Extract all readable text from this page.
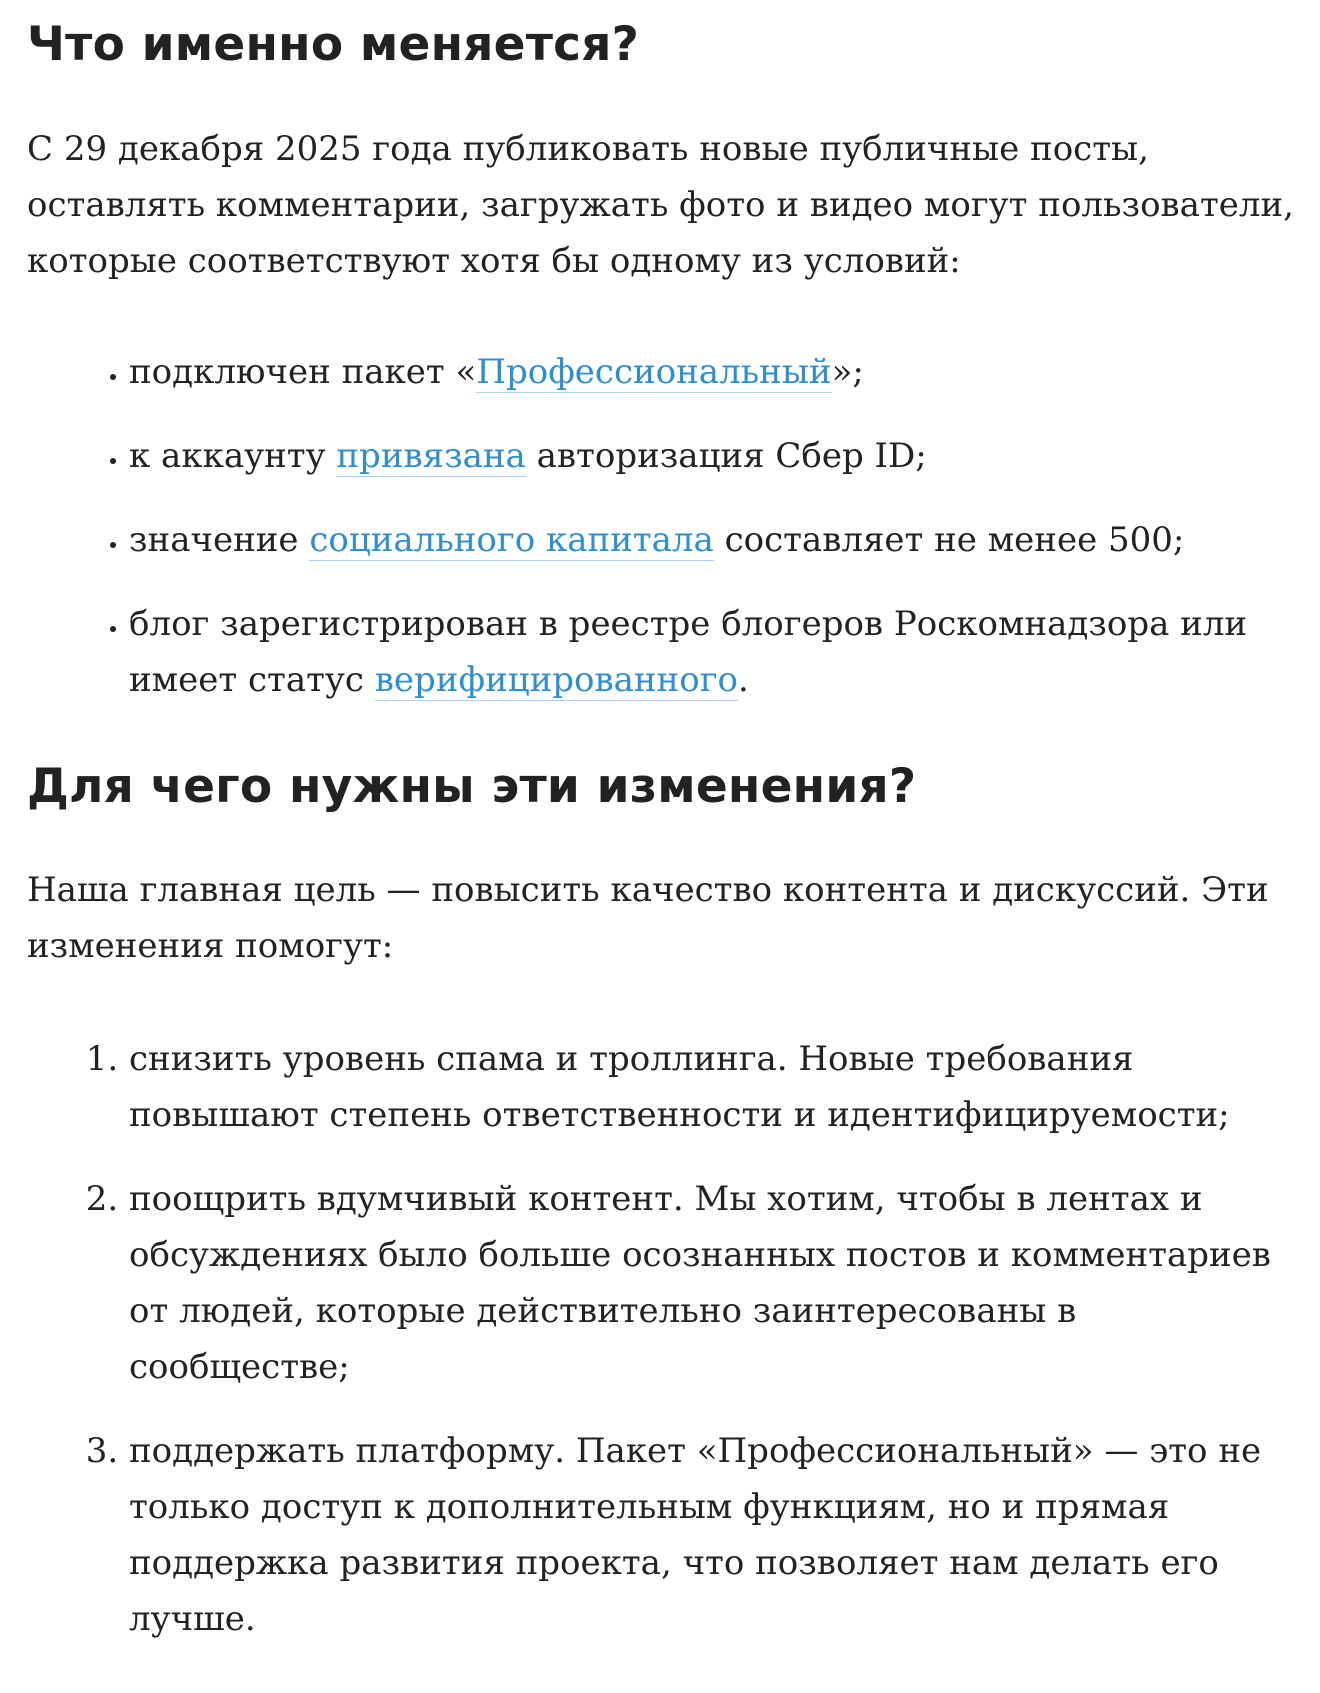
Что именно меняется?

С 29 декабря 2025 года публиковать новые публичные посты, оставлять комментарии, загружать фото и видео могут пользователи, которые соответствуют хотя бы одному из условий:

• подключен пакет «Профессиональный»;
• к аккаунту привязана авторизация Сбер ID;
• значение социального капитала составляет не менее 500;
• блог зарегистрирован в реестре блогеров Роскомнадзора или имеет статус верифицированного.
Для чего нужны эти изменения?

Наша главная цель — повысить качество контента и дискуссий. Эти изменения помогут:

1. снизить уровень спама и троллинга. Новые требования повышают степень ответственности и идентифицируемости;
2. поощрить вдумчивый контент. Мы хотим, чтобы в лентах и обсуждениях было больше осознанных постов и комментариев от людей, которые действительно заинтересованы в сообществе;
3. поддержать платформу. Пакет «Профессиональный» — это не только доступ к дополнительным функциям, но и прямая поддержка развития проекта, что позволяет нам делать его лучше.
